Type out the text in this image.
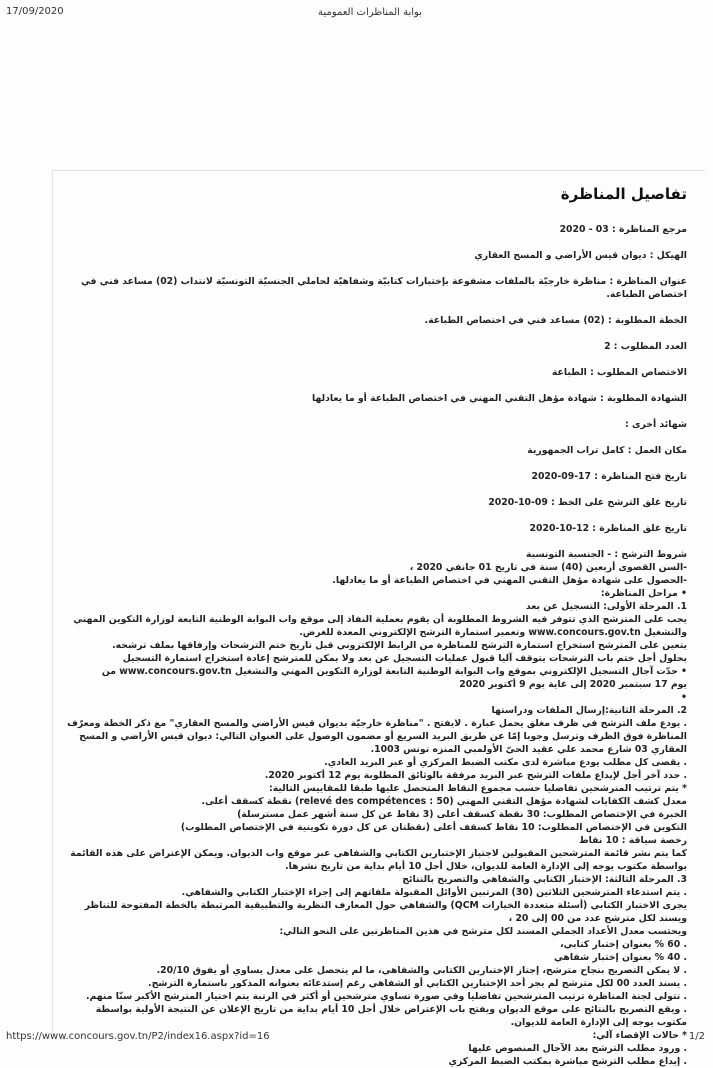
17/09/2020	بوابة المناظرات العمومية
تفاصيل المناظرة
مرجع المناظرة : 03 - 2020
الهيكل : ديوان قيس الأراضي و المسح العقاري
عنوان المناظرة : مناظرة خارجيّة بالملفات مشفوعة بإختبارات كتابيّة وشفاهيّة لحاملي الجنسيّة التونسيّة لانتداب (02) مساعد فني في اختصاص الطباعة.
الخطة المطلوبة : (02) مساعد فني في اختصاص الطباعة.
العدد المطلوب : 2
الاختصاص المطلوب : الطباعة
الشهادة المطلوبة : شهادة مؤهل التقني المهني في اختصاص الطباعة أو ما يعادلها
شهائد أخرى :
مكان العمل : كامل تراب الجمهورية
تاريخ فتح المناظرة : 17-09-2020
تاريخ غلق الترشح على الخط : 09-10-2020
تاريخ غلق المناظرة : 12-10-2020
شروط الترشح : - الجنسية التونسية
-السن القصوى أربعين (40) سنة في تاريخ 01 جانفي 2020 ،
-الحصول على شهادة مؤهل التقني المهني في اختصاص الطباعة أو ما يعادلها.
• مراحل المناظرة:
1. المرحلة الأولى: التسجيل عن بعد
يجب على المترشح الذي تتوفر فيه الشروط المطلوبة أن يقوم بعملية النفاذ إلى موقع واب البوابة الوطنية التابعة لوزارة التكوين المهني
والتشغيل www.concours.gov.tn وتعمير استمارة الترشح الإلكتروني المعدة للغرض.
يتعين على المترشح استخراج استمارة الترشح للمناظرة من الرابط الإلكتروني قبل تاريخ ختم الترشحات وإرفاقها بملف ترشحه.
بحلول أجل ختم باب الترشحات يتوقف آليا قبول عمليات التسجيل عن بعد ولا يمكن للمترشح إعادة استخراج استمارة التسجيل
• حدّت آجال التسجيل الإلكتروني بموقع واب البوابة الوطنية التابعة لوزارة التكوين المهني والتشغيل www.concours.gov.tn من
يوم 17 سبتمبر 2020 إلى غاية يوم 9 أكتوبر 2020
•
2. المرحلة الثانية:إرسال الملفات ودراستها
. يودع ملف الترشح في ظرف مغلق يحمل عبارة . لايفتح . "مناظرة خارجيّة بديوان قيس الأراضي والمسح العقاري" مع ذكر الخطة ومعرّف
المناظرة فوق الظرف وترسل وجوبا إمّا عن طريق البريد السريع أو مضمون الوصول على العنوان التالي: ديوان قيس الأراضي و المسح
العقاري 03 شارع محمد علي عقيد الحيّ الأولمبي المنزه تونس 1003.
. يقصى كل مطلب يودع مباشرة لدى مكتب الضبط المركزي أو عبر البريد العادي.
. حدد آخر أجل لإيداع ملفات الترشح عبر البريد مرفقة بالوثائق المطلوبة يوم 12 أكتوبر 2020.
* يتم ترتيب المترشحين تفاضليا حسب مجموع النقاط المتحصل عليها طبقا للمقاييس التالية:
معدل كشف الكفايات لشهادة مؤهل التقني المهني (50 : relevé des compétences) نقطة كسقف أعلى.
الخبرة في الإختصاص المطلوب: 30 نقطة كسقف أعلى (3 نقاط عن كل سنة أشهر عمل مسترسلة)
التكوين في الإختصاص المطلوب: 10 نقاط كسقف أعلى (نقطتان عن كل دورة تكوينية في الإختصاص المطلوب)
رخصة سياقة : 10 نقاط
كما يتم نشر قائمة المترشحين المقبولين لاجتياز الإختبارين الكتابي والشفاهي عبر موقع واب الديوان. ويمكن الإعتراض على هذه القائمة
بواسطة مكتوب يوجه إلى الإدارة العامة للديوان، خلال أجل 10 أيام بداية من تاريخ نشرها.
3. المرحلة الثالثة: الإختبار الكتابي والشفاهي والتصريح بالنتائج
. يتم استدعاء المترشحين الثلاثين (30) المرتبين الأوائل المقبولة ملفاتهم إلى إجراء الإختبار الكتابي والشفاهي.
يجرى الاختبار الكتابي (أسئلة متعددة الخيارات QCM) والشفاهي حول المعارف النظرية والتطبيقية المرتبطة بالخطة المفتوحة للتناظر
ويسند لكل مترشح عدد من 00 إلى 20 ،
ويحتسب معدل الأعداد الجملي المسند لكل مترشح في هذين المناظرتين على النحو التالي:
. 60 % بعنوان إختبار كتابي،
. 40 % بعنوان إختبار شفاهي
. لا يمكن التصريح بنجاح مترشح، إجتاز الإختبارين الكتابي والشفاهي، ما لم يتحصل على معدل يساوي أو يفوق 20/10.
. يسند العدد 00 لكل مترشح لم يجر أحد الإختبارين الكتابي أو الشفاهي رغم إستدعائه بعنوانه المذكور باستمارة الترشح.
. تتولى لجنة المناظرة ترتيب المترشحين تفاضليا وفي صورة تساوي مترشحين أو أكثر في الرتبة يتم اختيار المترشح الأكبر سنّا منهم.
. ويقع التصريح بالنتائج على موقع الديوان ويفتح باب الإعتراض خلال أجل 10 أيام بداية من تاريخ الإعلان عن النتيجة الأولية بواسطة
مكتوب يوجه إلى الإدارة العامة للديوان.
* حالات الإقصاء آلي:
. ورود مطلب الترشح بعد الآجال المنصوص عليها
. إيداع مطلب الترشح مباشرة بمكتب الضبط المركزي
https://www.concours.gov.tn/P2/index16.aspx?id=16	1/2
